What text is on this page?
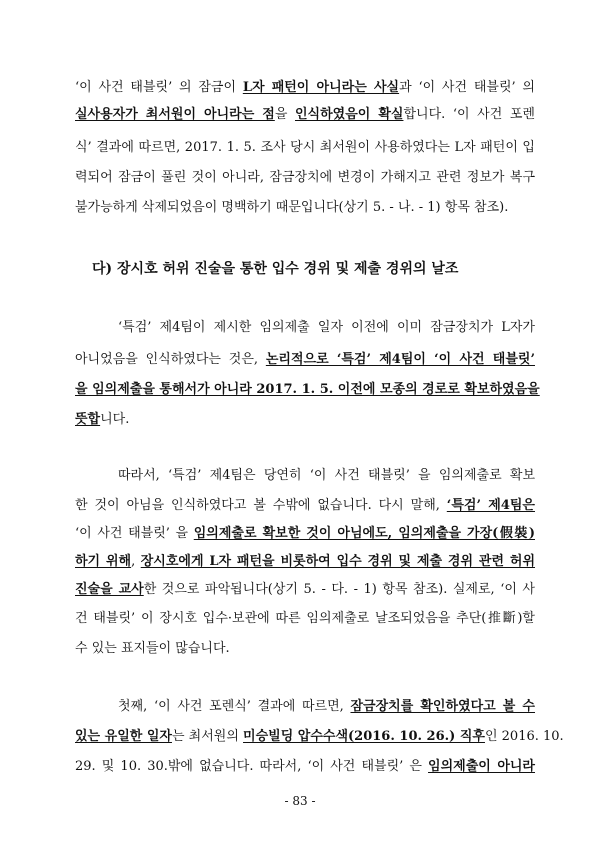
‘이 사건 태블릿’ 의 잠금이 L자 패턴이 아니라는 사실과 ‘이 사건 태블릿’ 의
실사용자가 최서원이 아니라는 점을 인식하였음이 확실합니다. ‘이 사건 포렌
식’ 결과에 따르면, 2017. 1. 5. 조사 당시 최서원이 사용하였다는 L자 패턴이 입
력되어 잠금이 풀린 것이 아니라, 잠금장치에 변경이 가해지고 관련 정보가 복구
불가능하게 삭제되었음이 명백하기 때문입니다(상기 5. - 나. - 1) 항목 참조).
다) 장시호 허위 진술을 통한 입수 경위 및 제출 경위의 날조
‘특검’ 제4팀이 제시한 임의제출 일자 이전에 이미 잠금장치가 L자가
아니었음을 인식하였다는 것은, 논리적으로 ‘특검’ 제4팀이 ‘이 사건 태블릿’
을 임의제출을 통해서가 아니라 2017. 1. 5. 이전에 모종의 경로로 확보하였음을
뜻합니다.
따라서, ‘특검’ 제4팀은 당연히 ‘이 사건 태블릿’ 을 임의제출로 확보
한 것이 아님을 인식하였다고 볼 수밖에 없습니다. 다시 말해, ‘특검’ 제4팀은
‘이 사건 태블릿’ 을 임의제출로 확보한 것이 아님에도, 임의제출을 가장(假裝)
하기 위해, 장시호에게 L자 패턴을 비롯하여 입수 경위 및 제출 경위 관련 허위
진술을 교사한 것으로 파악됩니다(상기 5. - 다. - 1) 항목 참조). 실제로, ‘이 사
건 태블릿’ 이 장시호 입수·보관에 따른 임의제출로 날조되었음을 추단(推斷)할
수 있는 표지들이 많습니다.
첫째, ‘이 사건 포렌식’ 결과에 따르면, 잠금장치를 확인하였다고 볼 수
있는 유일한 일자는 최서원의 미승빌딩 압수수색(2016. 10. 26.) 직후인 2016. 10.
29. 및 10. 30.밖에 없습니다. 따라서, ‘이 사건 태블릿’ 은 임의제출이 아니라
- 83 -
